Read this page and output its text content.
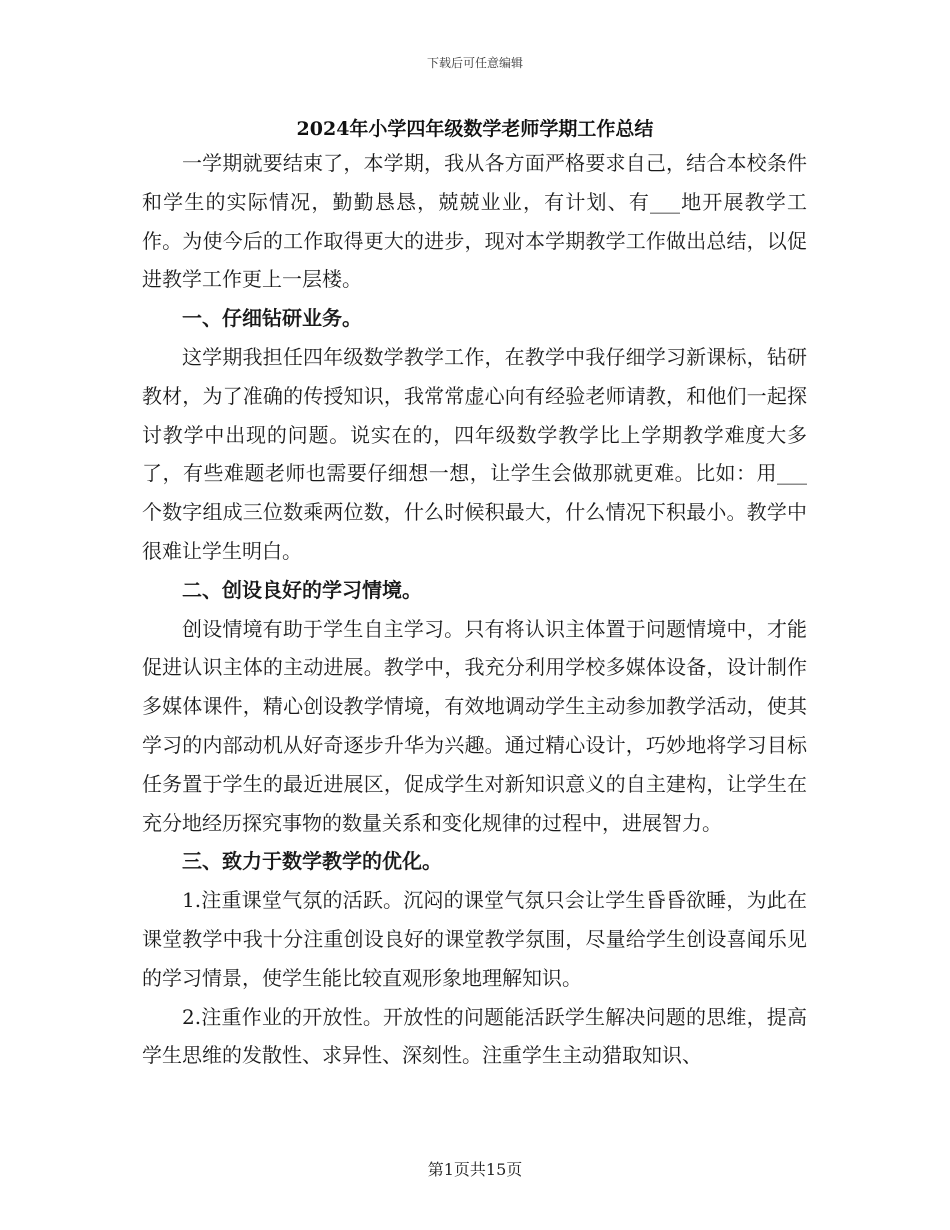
下载后可任意编辑
2024年小学四年级数学老师学期工作总结

一学期就要结束了，本学期，我从各方面严格要求自己，结合本校条件和学生的实际情况，勤勤恳恳，兢兢业业，有计划、有___地开展教学工作。为使今后的工作取得更大的进步，现对本学期教学工作做出总结，以促进教学工作更上一层楼。

一、仔细钻研业务。

这学期我担任四年级数学教学工作，在教学中我仔细学习新课标，钻研教材，为了准确的传授知识，我常常虚心向有经验老师请教，和他们一起探讨教学中出现的问题。说实在的，四年级数学教学比上学期教学难度大多了，有些难题老师也需要仔细想一想，让学生会做那就更难。比如：用___个数字组成三位数乘两位数，什么时候积最大，什么情况下积最小。教学中很难让学生明白。

二、创设良好的学习情境。

创设情境有助于学生自主学习。只有将认识主体置于问题情境中，才能促进认识主体的主动进展。教学中，我充分利用学校多媒体设备，设计制作多媒体课件，精心创设教学情境，有效地调动学生主动参加教学活动，使其学习的内部动机从好奇逐步升华为兴趣。通过精心设计，巧妙地将学习目标任务置于学生的最近进展区，促成学生对新知识意义的自主建构，让学生在充分地经历探究事物的数量关系和变化规律的过程中，进展智力。

三、致力于数学教学的优化。

1.注重课堂气氛的活跃。沉闷的课堂气氛只会让学生昏昏欲睡，为此在课堂教学中我十分注重创设良好的课堂教学氛围，尽量给学生创设喜闻乐见的学习情景，使学生能比较直观形象地理解知识。

2.注重作业的开放性。开放性的问题能活跃学生解决问题的思维，提高学生思维的发散性、求异性、深刻性。注重学生主动猎取知识、

第1页共15页
